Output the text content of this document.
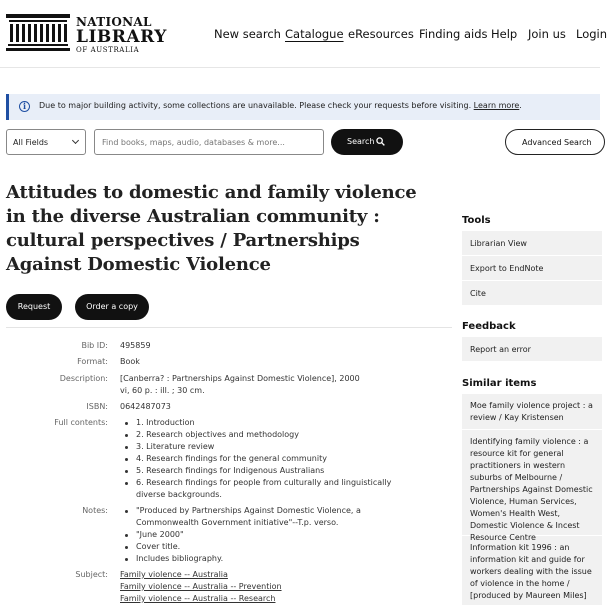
NATIONAL
LIBRARY
OF AUSTRALIA
New search Catalogue eResources Finding aids Help Join us Login
i	Due to major building activity, some collections are unavailable. Please check your requests before visiting. Learn more.
All Fields
Find books, maps, audio, databases & more...	Search	Advanced Search
Attitudes to domestic and family violence in the diverse Australian community : cultural perspectives / Partnerships Against Domestic Violence
Request	Order a copy
Bib ID: 495859
Format: Book
Description: [Canberra? : Partnerships Against Domestic Violence], 2000
vi, 60 p. : ill. ; 30 cm.
ISBN: 0642487073
Full contents:	1. Introduction
2. Research objectives and methodology
3. Literature review
4. Research findings for the general community
5. Research findings for Indigenous Australians
6. Research findings for people from culturally and linguistically diverse backgrounds.
Notes:	"Produced by Partnerships Against Domestic Violence, a Commonwealth Government initiative"--T.p. verso.
"June 2000"
Cover title.
Includes bibliography.
Subject: Family violence -- Australia
Family violence -- Australia -- Prevention
Family violence -- Australia -- Research
Tools
Librarian View
Export to EndNote
Cite
Feedback
Report an error
Similar items
Moe family violence project : a review / Kay Kristensen
Identifying family violence : a resource kit for general practitioners in western suburbs of Melbourne / Partnerships Against Domestic Violence, Human Services, Women's Health West, Domestic Violence & Incest Resource Centre
Information kit 1996 : an information kit and guide for workers dealing with the issue of violence in the home / [produced by Maureen Miles]
